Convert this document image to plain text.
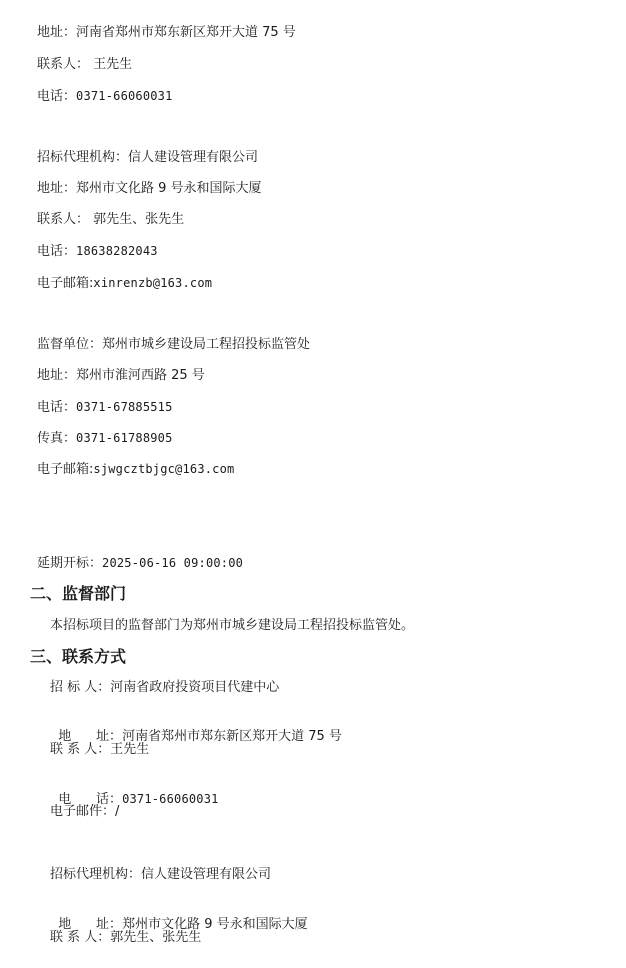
地址：河南省郑州市郑东新区郑开大道 75 号
联系人： 王先生
电话：0371-66060031
招标代理机构：信人建设管理有限公司
地址：郑州市文化路 9 号永和国际大厦
联系人： 郭先生、张先生
电话：18638282043
电子邮箱:xinrenzb@163.com
监督单位：郑州市城乡建设局工程招投标监管处
地址：郑州市淮河西路 25 号
电话：0371-67885515
传真：0371-61788905
电子邮箱:sjwgcztbjgc@163.com
延期开标：2025-06-16 09:00:00
二、监督部门
本招标项目的监督部门为郑州市城乡建设局工程招投标监管处。
三、联系方式
招 标 人：河南省政府投资项目代建中心

地      址：河南省郑州市郑东新区郑开大道 75 号

联 系 人：王先生

电      话：0371-66060031

电子邮件：/
招标代理机构：信人建设管理有限公司

地      址：郑州市文化路 9 号永和国际大厦

联 系 人：郭先生、张先生
